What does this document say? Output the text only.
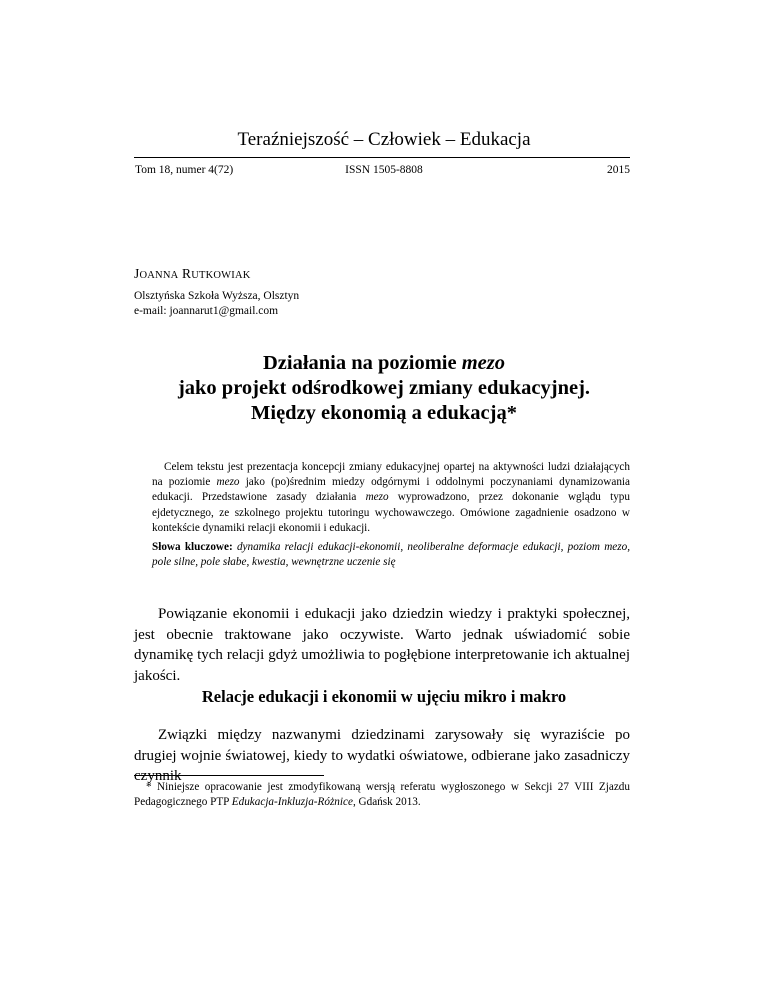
Teraźniejszość – Człowiek – Edukacja
Tom 18, numer 4(72)	ISSN 1505-8808	2015
JOANNA RUTKOWIAK
Olsztyńska Szkoła Wyższa, Olsztyn
e-mail: joannarut1@gmail.com
Działania na poziomie mezo
jako projekt odśrodkowej zmiany edukacyjnej.
Między ekonomią a edukacją*
Celem tekstu jest prezentacja koncepcji zmiany edukacyjnej opartej na aktywności ludzi działających na poziomie mezo jako (po)średnim miedzy odgórnymi i oddolnymi poczynaniami dynamizowania edukacji. Przedstawione zasady działania mezo wyprowadzono, przez dokonanie wglądu typu ejdetycznego, ze szkolnego projektu tutoringu wychowawczego. Omówione zagadnienie osadzono w kontekście dynamiki relacji ekonomii i edukacji.
Słowa kluczowe: dynamika relacji edukacji-ekonomii, neoliberalne deformacje edukacji, poziom mezo, pole silne, pole słabe, kwestia, wewnętrzne uczenie się
Powiązanie ekonomii i edukacji jako dziedzin wiedzy i praktyki społecznej, jest obecnie traktowane jako oczywiste. Warto jednak uświadomić sobie dynamikę tych relacji gdyż umożliwia to pogłębione interpretowanie ich aktualnej jakości.
Relacje edukacji i ekonomii w ujęciu mikro i makro
Związki między nazwanymi dziedzinami zarysowały się wyraziście po drugiej wojnie światowej, kiedy to wydatki oświatowe, odbierane jako zasadniczy czynnik
* Niniejsze opracowanie jest zmodyfikowaną wersją referatu wygłoszonego w Sekcji 27 VIII Zjazdu Pedagogicznego PTP Edukacja-Inkluzja-Różnice, Gdańsk 2013.
